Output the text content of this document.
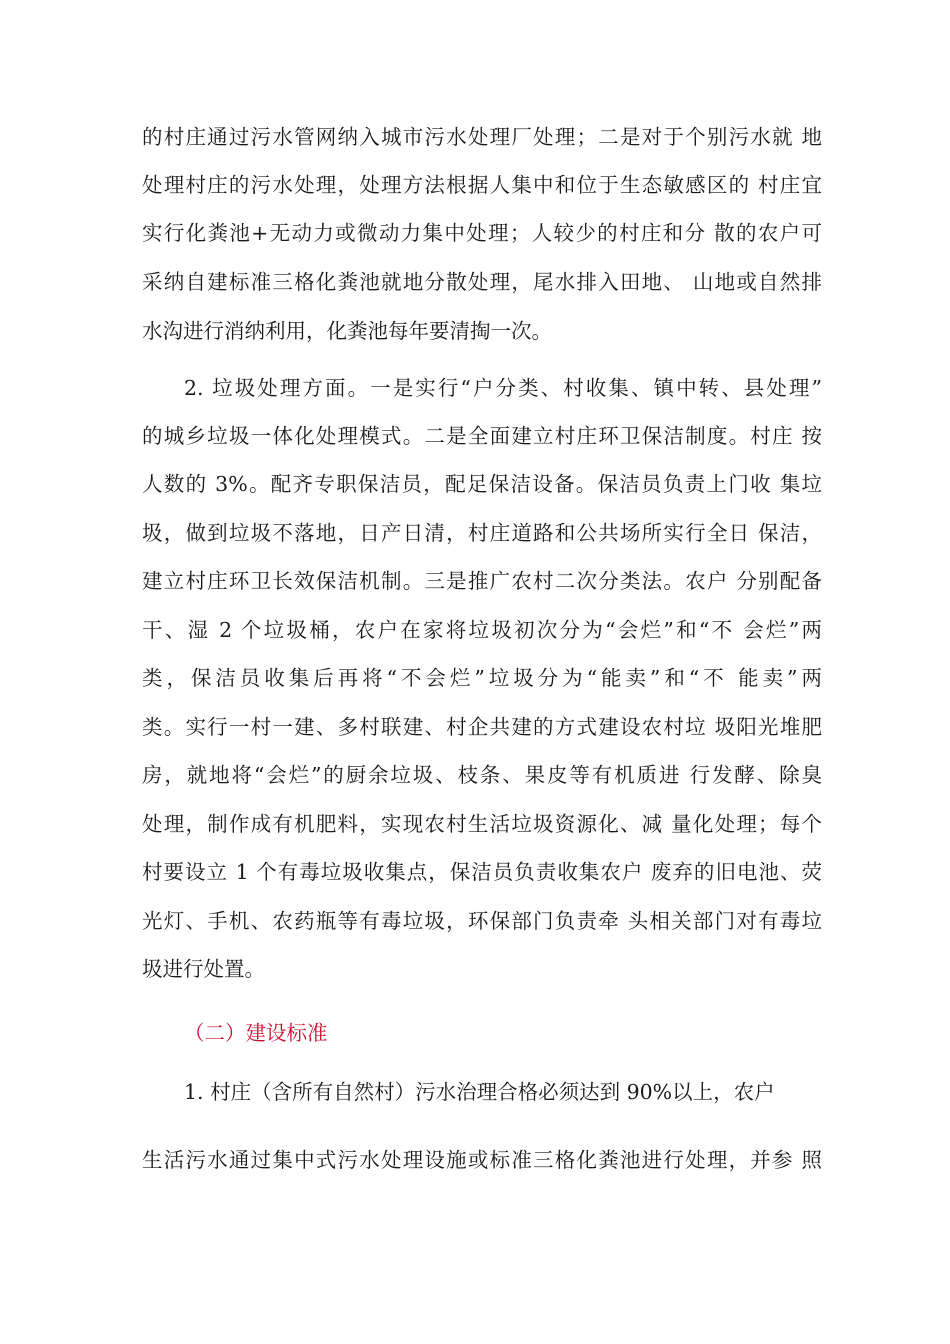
的村庄通过污水管网纳入城市污水处理厂处理；二是对于个别污水就 地
处理村庄的污水处理，处理方法根据人集中和位于生态敏感区的 村庄宜
实行化粪池+无动力或微动力集中处理；人较少的村庄和分 散的农户可
采纳自建标准三格化粪池就地分散处理，尾水排入田地、 山地或自然排
水沟进行消纳利用，化粪池每年要清掏一次。
2. 垃圾处理方面。一是实行“户分类、村收集、镇中转、县处理”
的城乡垃圾一体化处理模式。二是全面建立村庄环卫保洁制度。村庄 按
人数的 3%。配齐专职保洁员，配足保洁设备。保洁员负责上门收 集垃
圾，做到垃圾不落地，日产日清，村庄道路和公共场所实行全日 保洁，
建立村庄环卫长效保洁机制。三是推广农村二次分类法。农户 分别配备
干、湿 2 个垃圾桶，农户在家将垃圾初次分为“会烂”和“不 会烂”两
类，保洁员收集后再将“不会烂”垃圾分为“能卖”和“不 能卖”两
类。实行一村一建、多村联建、村企共建的方式建设农村垃 圾阳光堆肥
房，就地将“会烂”的厨余垃圾、枝条、果皮等有机质进 行发酵、除臭
处理，制作成有机肥料，实现农村生活垃圾资源化、减 量化处理；每个
村要设立 1 个有毒垃圾收集点，保洁员负责收集农户 废弃的旧电池、荧
光灯、手机、农药瓶等有毒垃圾，环保部门负责牵 头相关部门对有毒垃
圾进行处置。
（二）建设标准
1. 村庄（含所有自然村）污水治理合格必须达到 90%以上，农户
生活污水通过集中式污水处理设施或标准三格化粪池进行处理，并参 照
